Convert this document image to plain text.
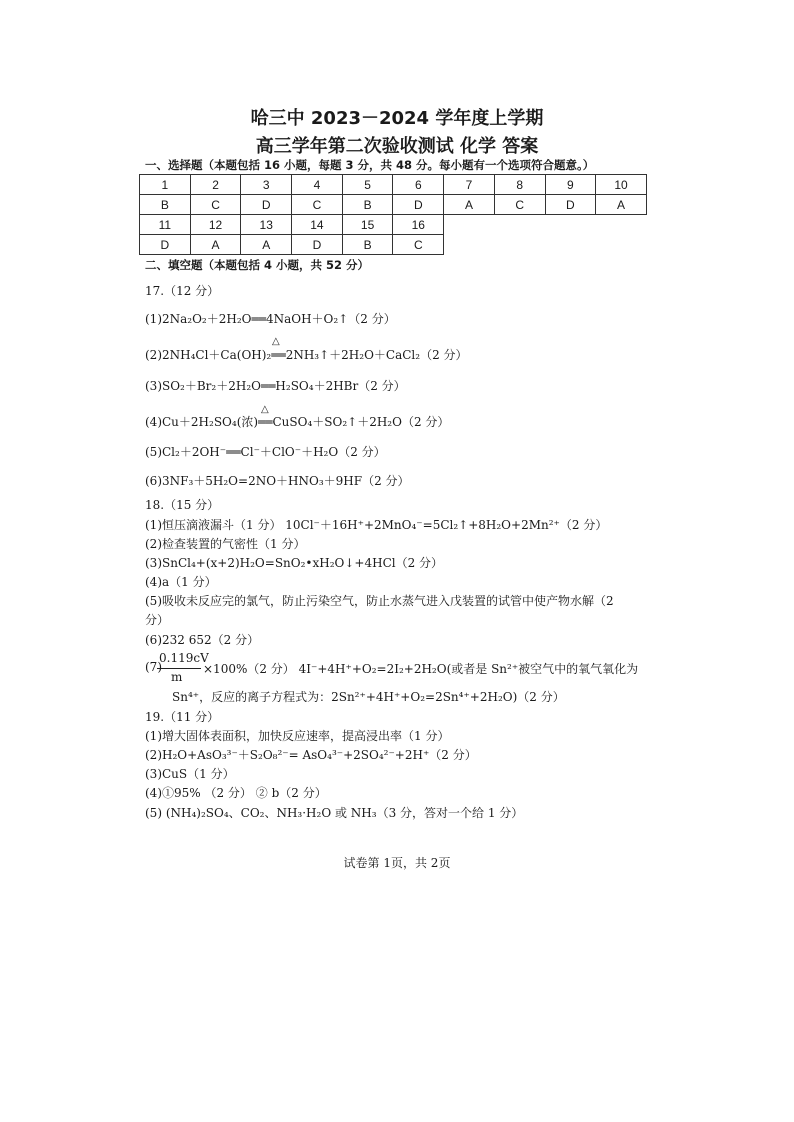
哈三中 2023－2024 学年度上学期
高三学年第二次验收测试 化学 答案
一、选择题（本题包括 16 小题，每题 3 分，共 48 分。每小题有一个选项符合题意。）
1	2	3	4	5	6	7	8	9	10
B	C	D	C	B	D	A	C	D	A
11	12	13	14	15	16				
D	A	A	D	B	C				
二、填空题（本题包括 4 小题，共 52 分）
17.（12 分）
(1)2Na₂O₂＋2H₂O══4NaOH＋O₂↑（2 分）
△
(2)2NH₄Cl＋Ca(OH)₂══2NH₃↑＋2H₂O＋CaCl₂（2 分）
(3)SO₂＋Br₂＋2H₂O══H₂SO₄＋2HBr（2 分）
△
(4)Cu＋2H₂SO₄(浓)══CuSO₄＋SO₂↑＋2H₂O（2 分）
(5)Cl₂＋2OH⁻══Cl⁻＋ClO⁻＋H₂O（2 分）
(6)3NF₃＋5H₂O=2NO＋HNO₃＋9HF（2 分）
18.（15 分）
(1)恒压滴液漏斗（1 分） 10Cl⁻＋16H⁺+2MnO₄⁻=5Cl₂↑+8H₂O+2Mn²⁺（2 分）
(2)检查装置的气密性（1 分）
(3)SnCl₄+(x+2)H₂O=SnO₂•xH₂O↓+4HCl（2 分）
(4)a（1 分）
(5)吸收未反应完的氯气，防止污染空气，防止水蒸气进入戊装置的试管中使产物水解（2
分）
(6)232 652（2 分）
(7)
0.119cV
m
×100%（2 分） 4I⁻+4H⁺+O₂=2I₂+2H₂O(或者是 Sn²⁺被空气中的氧气氧化为
Sn⁴⁺，反应的离子方程式为：2Sn²⁺+4H⁺+O₂=2Sn⁴⁺+2H₂O)（2 分）
19.（11 分）
(1)增大固体表面积，加快反应速率，提高浸出率（1 分）
(2)H₂O+AsO₃³⁻＋S₂O₈²⁻= AsO₄³⁻+2SO₄²⁻+2H⁺（2 分）
(3)CuS（1 分）
(4)①95% （2 分） ② b（2 分）
(5) (NH₄)₂SO₄、CO₂、NH₃·H₂O 或 NH₃（3 分，答对一个给 1 分）
试卷第 1页，共 2页
